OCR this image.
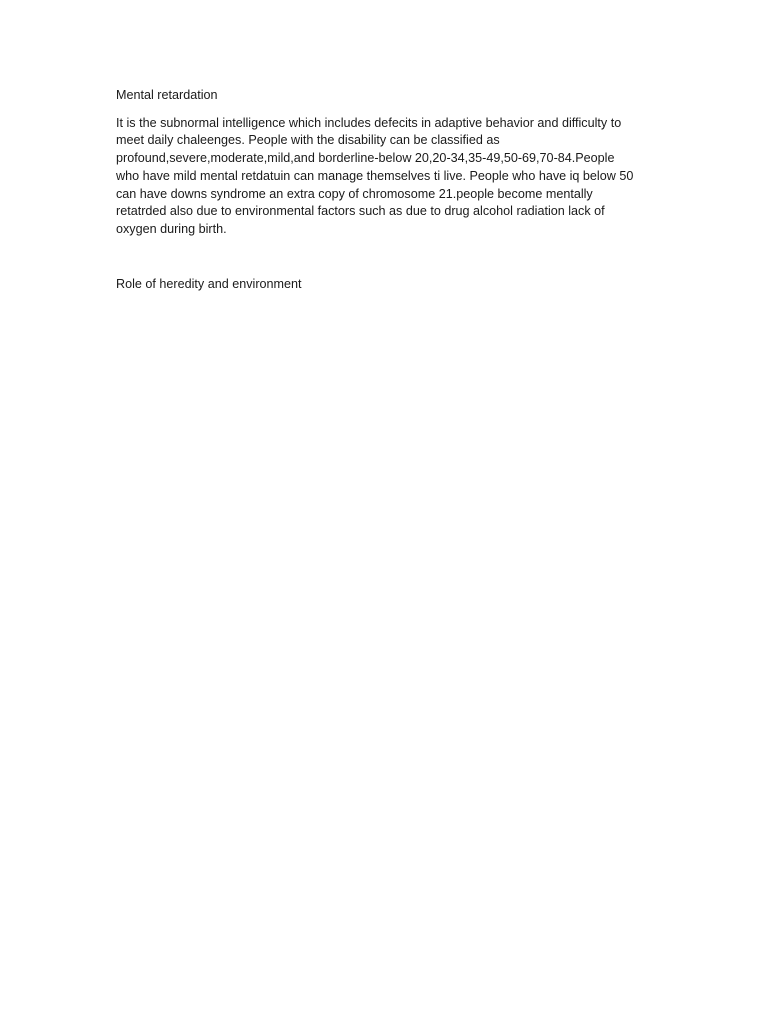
Mental retardation

It is the subnormal intelligence which includes defecits in adaptive behavior and difficulty to
meet daily chaleenges. People with the disability can be classified as
profound,severe,moderate,mild,and borderline-below 20,20-34,35-49,50-69,70-84.People
who have mild mental retdatuin can manage themselves ti live. People who have iq below 50
can have downs syndrome an extra copy of chromosome 21.people become mentally
retatrded also due to environmental factors such as due to drug alcohol radiation lack of
oxygen during birth.

Role of heredity and environment
